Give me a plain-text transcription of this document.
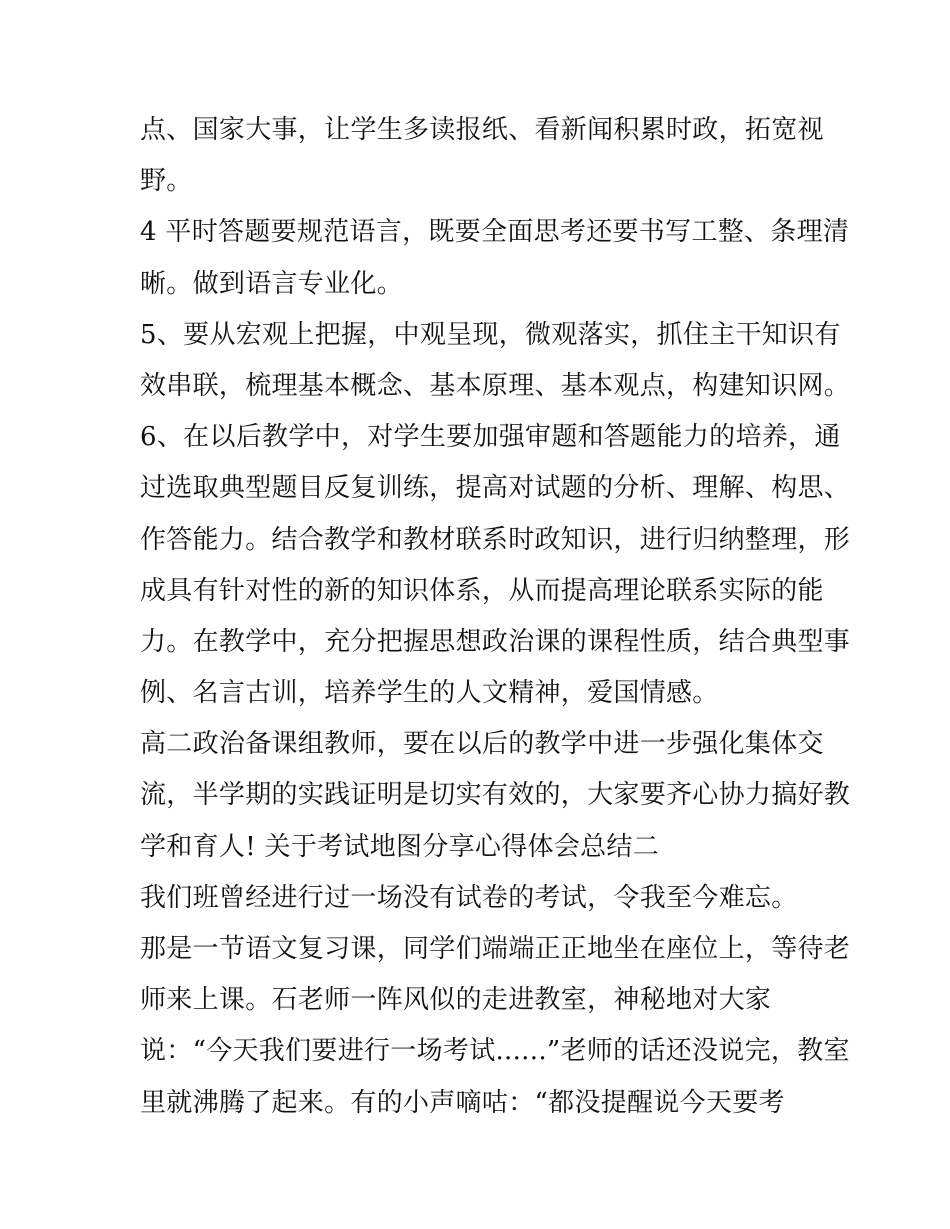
点、国家大事，让学生多读报纸、看新闻积累时政，拓宽视
野。
4 平时答题要规范语言，既要全面思考还要书写工整、条理清
晰。做到语言专业化。
5、要从宏观上把握，中观呈现，微观落实，抓住主干知识有
效串联，梳理基本概念、基本原理、基本观点，构建知识网。
6、在以后教学中，对学生要加强审题和答题能力的培养，通
过选取典型题目反复训练，提高对试题的分析、理解、构思、
作答能力。结合教学和教材联系时政知识，进行归纳整理，形
成具有针对性的新的知识体系，从而提高理论联系实际的能
力。在教学中，充分把握思想政治课的课程性质，结合典型事
例、名言古训，培养学生的人文精神，爱国情感。
高二政治备课组教师，要在以后的教学中进一步强化集体交
流，半学期的实践证明是切实有效的，大家要齐心协力搞好教
学和育人! 关于考试地图分享心得体会总结二
我们班曾经进行过一场没有试卷的考试，令我至今难忘。
那是一节语文复习课，同学们端端正正地坐在座位上，等待老
师来上课。石老师一阵风似的走进教室，神秘地对大家
说：“今天我们要进行一场考试......”老师的话还没说完，教室
里就沸腾了起来。有的小声嘀咕：“都没提醒说今天要考
